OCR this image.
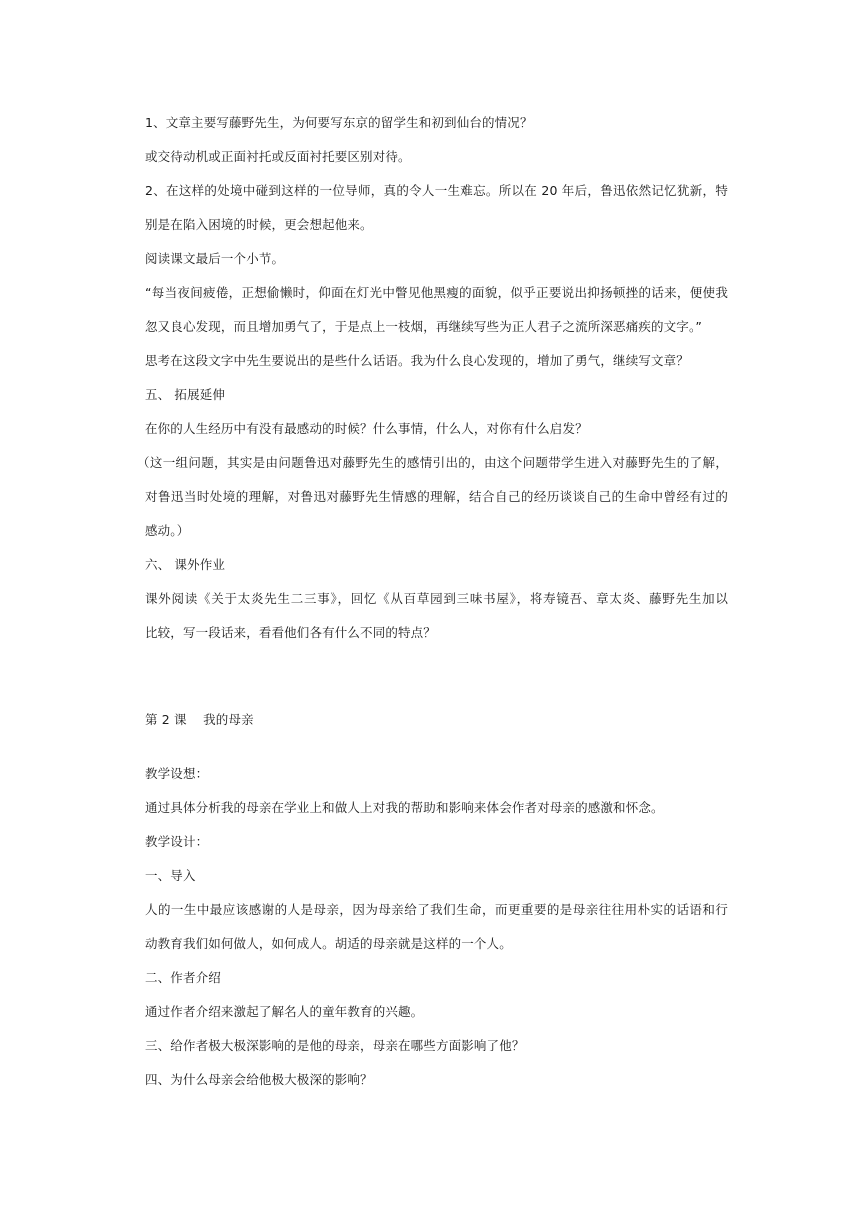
1、文章主要写藤野先生，为何要写东京的留学生和初到仙台的情况？
或交待动机或正面衬托或反面衬托要区别对待。
2、在这样的处境中碰到这样的一位导师，真的令人一生难忘。所以在 20 年后，鲁迅依然记忆犹新，特
别是在陷入困境的时候，更会想起他来。
阅读课文最后一个小节。
“每当夜间疲倦，正想偷懒时，仰面在灯光中瞥见他黑瘦的面貌，似乎正要说出抑扬顿挫的话来，便使我
忽又良心发现，而且增加勇气了，于是点上一枝烟，再继续写些为正人君子之流所深恶痛疾的文字。”
思考在这段文字中先生要说出的是些什么话语。我为什么良心发现的，增加了勇气，继续写文章？
五、 拓展延伸
在你的人生经历中有没有最感动的时候？什么事情，什么人，对你有什么启发？
（这一组问题，其实是由问题鲁迅对藤野先生的感情引出的，由这个问题带学生进入对藤野先生的了解，
对鲁迅当时处境的理解，对鲁迅对藤野先生情感的理解，结合自己的经历谈谈自己的生命中曾经有过的
感动。）
六、 课外作业
课外阅读《关于太炎先生二三事》，回忆《从百草园到三味书屋》，将寿镜吾、章太炎、藤野先生加以
比较，写一段话来，看看他们各有什么不同的特点？
第 2 课    我的母亲
教学设想：
通过具体分析我的母亲在学业上和做人上对我的帮助和影响来体会作者对母亲的感激和怀念。
教学设计：
一、导入
人的一生中最应该感谢的人是母亲，因为母亲给了我们生命，而更重要的是母亲往往用朴实的话语和行
动教育我们如何做人，如何成人。胡适的母亲就是这样的一个人。
二、作者介绍
通过作者介绍来激起了解名人的童年教育的兴趣。
三、给作者极大极深影响的是他的母亲，母亲在哪些方面影响了他？
四、为什么母亲会给他极大极深的影响？
